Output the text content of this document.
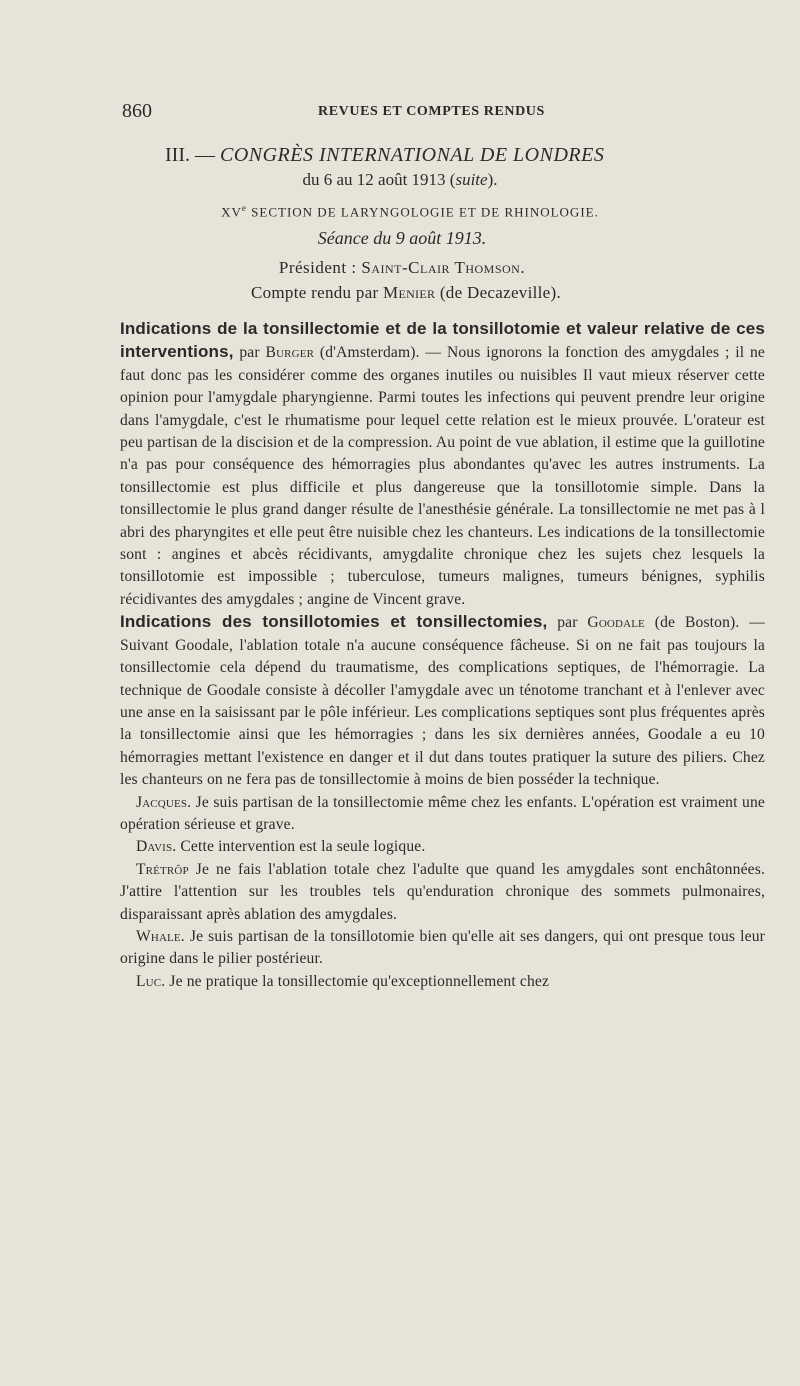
860	REVUES ET COMPTES RENDUS
III. — CONGRÈS INTERNATIONAL DE LONDRES
du 6 au 12 août 1913 (suite).
XVe SECTION DE LARYNGOLOGIE ET DE RHINOLOGIE.
Séance du 9 août 1913.
Président : Saint-Clair Thomson.
Compte rendu par Menier (de Decazeville).

Indications de la tonsillectomie et de la tonsillotomie et valeur relative de ces interventions, par Burger (d'Amsterdam). — Nous ignorons la fonction des amygdales ; il ne faut donc pas les considérer comme des organes inutiles ou nuisibles Il vaut mieux réserver cette opinion pour l'amygdale pharyngienne. Parmi toutes les infections qui peuvent prendre leur origine dans l'amygdale, c'est le rhumatisme pour lequel cette relation est le mieux prouvée. L'orateur est peu partisan de la discision et de la compression. Au point de vue ablation, il estime que la guillotine n'a pas pour conséquence des hémorragies plus abondantes qu'avec les autres instruments. La tonsillectomie est plus difficile et plus dangereuse que la tonsillotomie simple. Dans la tonsillectomie le plus grand danger résulte de l'anesthésie générale. La tonsillectomie ne met pas à l abri des pharyngites et elle peut être nuisible chez les chanteurs. Les indications de la tonsillectomie sont : angines et abcès récidivants, amygdalite chronique chez les sujets chez lesquels la tonsillotomie est impossible ; tuberculose, tumeurs malignes, tumeurs bénignes, syphilis récidivantes des amygdales ; angine de Vincent grave.

Indications des tonsillotomies et tonsillectomies, par Goodale (de Boston). — Suivant Goodale, l'ablation totale n'a aucune conséquence fâcheuse. Si on ne fait pas toujours la tonsillectomie cela dépend du traumatisme, des complications septiques, de l'hémorragie. La technique de Goodale consiste à décoller l'amygdale avec un ténotome tranchant et à l'enlever avec une anse en la saisissant par le pôle inférieur. Les complications septiques sont plus fréquentes après la tonsillectomie ainsi que les hémorragies ; dans les six dernières années, Goodale a eu 10 hémorragies mettant l'existence en danger et il dut dans toutes pratiquer la suture des piliers. Chez les chanteurs on ne fera pas de tonsillectomie à moins de bien posséder la technique.

Jacques. Je suis partisan de la tonsillectomie même chez les enfants. L'opération est vraiment une opération sérieuse et grave.

Davis. Cette intervention est la seule logique.

Trétrôp Je ne fais l'ablation totale chez l'adulte que quand les amygdales sont enchâtonnées. J'attire l'attention sur les troubles tels qu'enduration chronique des sommets pulmonaires, disparaissant après ablation des amygdales.

Whale. Je suis partisan de la tonsillotomie bien qu'elle ait ses dangers, qui ont presque tous leur origine dans le pilier postérieur.

Luc. Je ne pratique la tonsillectomie qu'exceptionnellement chez
